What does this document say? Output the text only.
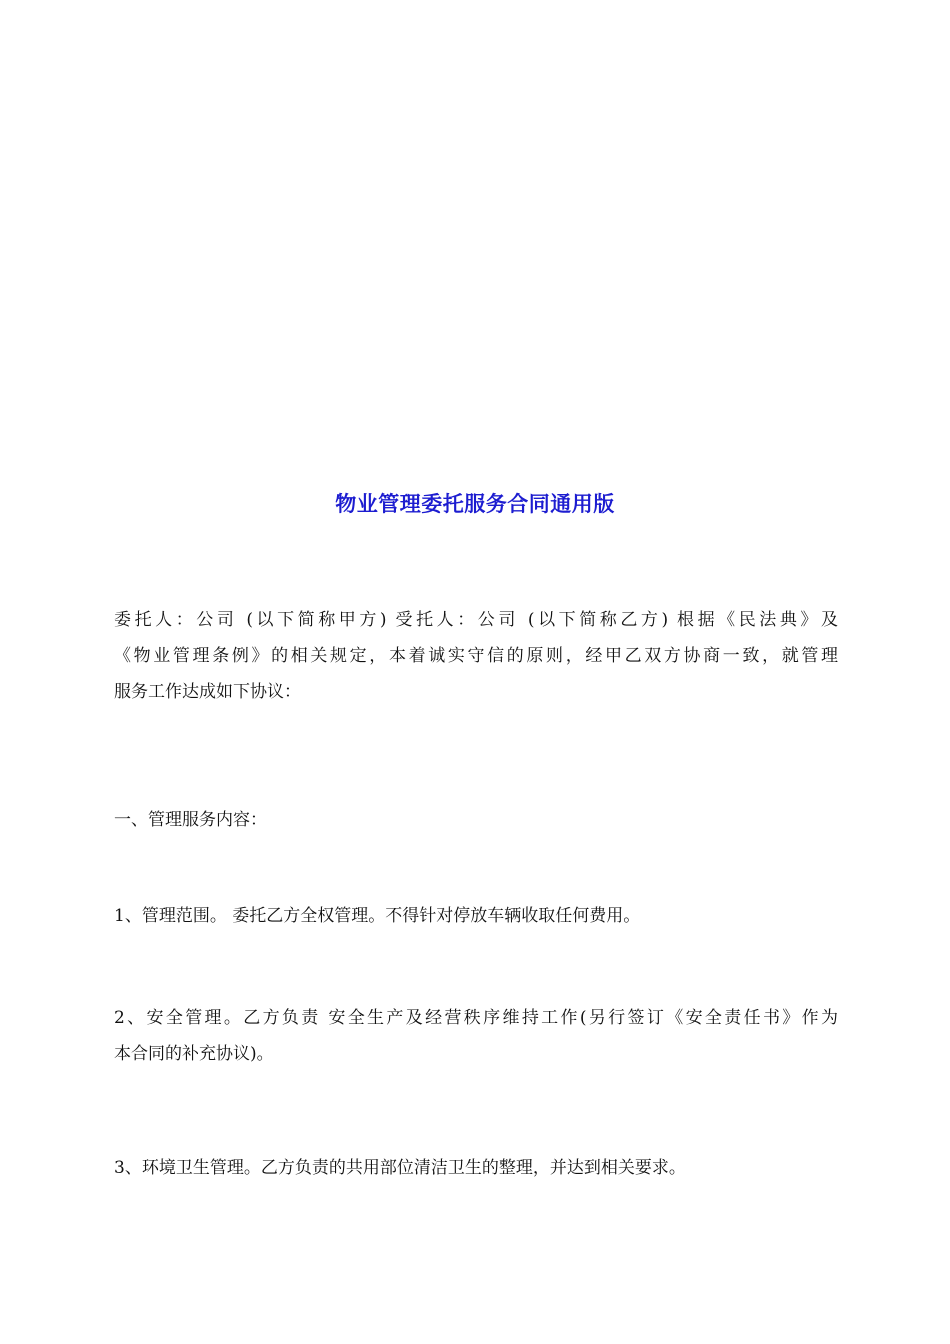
物业管理委托服务合同通用版
委托人：公司 (以下简称甲方) 受托人：公司 (以下简称乙方) 根据《民法典》及
《物业管理条例》的相关规定，本着诚实守信的原则，经甲乙双方协商一致，就管理
服务工作达成如下协议：
一、管理服务内容：
1、管理范围。 委托乙方全权管理。不得针对停放车辆收取任何费用。
2、安全管理。乙方负责 安全生产及经营秩序维持工作(另行签订《安全责任书》作为
本合同的补充协议)。
3、环境卫生管理。乙方负责的共用部位清洁卫生的整理，并达到相关要求。
